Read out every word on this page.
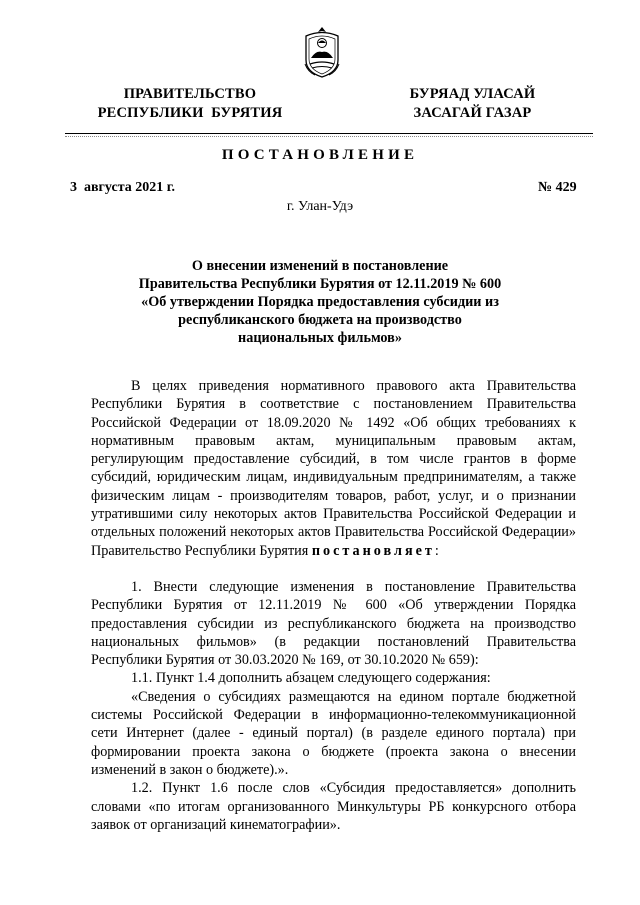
ПРАВИТЕЛЬСТВО
РЕСПУБЛИКИ  БУРЯТИЯ
БУРЯАД УЛАСАЙ
ЗАСАГАЙ ГАЗАР
ПОСТАНОВЛЕНИЕ
3  августа 2021 г.	№ 429
г. Улан-Удэ
О внесении изменений в постановление
Правительства Республики Бурятия от 12.11.2019 № 600
«Об утверждении Порядка предоставления субсидии из
республиканского бюджета на производство
национальных фильмов»

В целях приведения нормативного правового акта Правительства Республики Бурятия в соответствие с постановлением Правительства Российской Федерации от 18.09.2020 № 1492 «Об общих требованиях к нормативным правовым актам, муниципальным правовым актам, регулирующим предоставление субсидий, в том числе грантов в форме субсидий, юридическим лицам, индивидуальным предпринимателям, а также физическим лицам - производителям товаров, работ, услуг, и о признании утратившими силу некоторых актов Правительства Российской Федерации и отдельных положений некоторых актов Правительства Российской Федерации» Правительство Республики Бурятия постановляет:

1. Внести следующие изменения в постановление Правительства Республики Бурятия от 12.11.2019 № 600 «Об утверждении Порядка предоставления субсидии из республиканского бюджета на производство национальных фильмов» (в редакции постановлений Правительства Республики Бурятия от 30.03.2020 № 169, от 30.10.2020 № 659):

1.1. Пункт 1.4 дополнить абзацем следующего содержания:

«Сведения о субсидиях размещаются на едином портале бюджетной системы Российской Федерации в информационно-телекоммуникационной сети Интернет (далее - единый портал) (в разделе единого портала) при формировании проекта закона о бюджете (проекта закона о внесении изменений в закон о бюджете).».

1.2. Пункт 1.6 после слов «Субсидия предоставляется» дополнить словами «по итогам организованного Минкультуры РБ конкурсного отбора заявок от организаций кинематографии».
